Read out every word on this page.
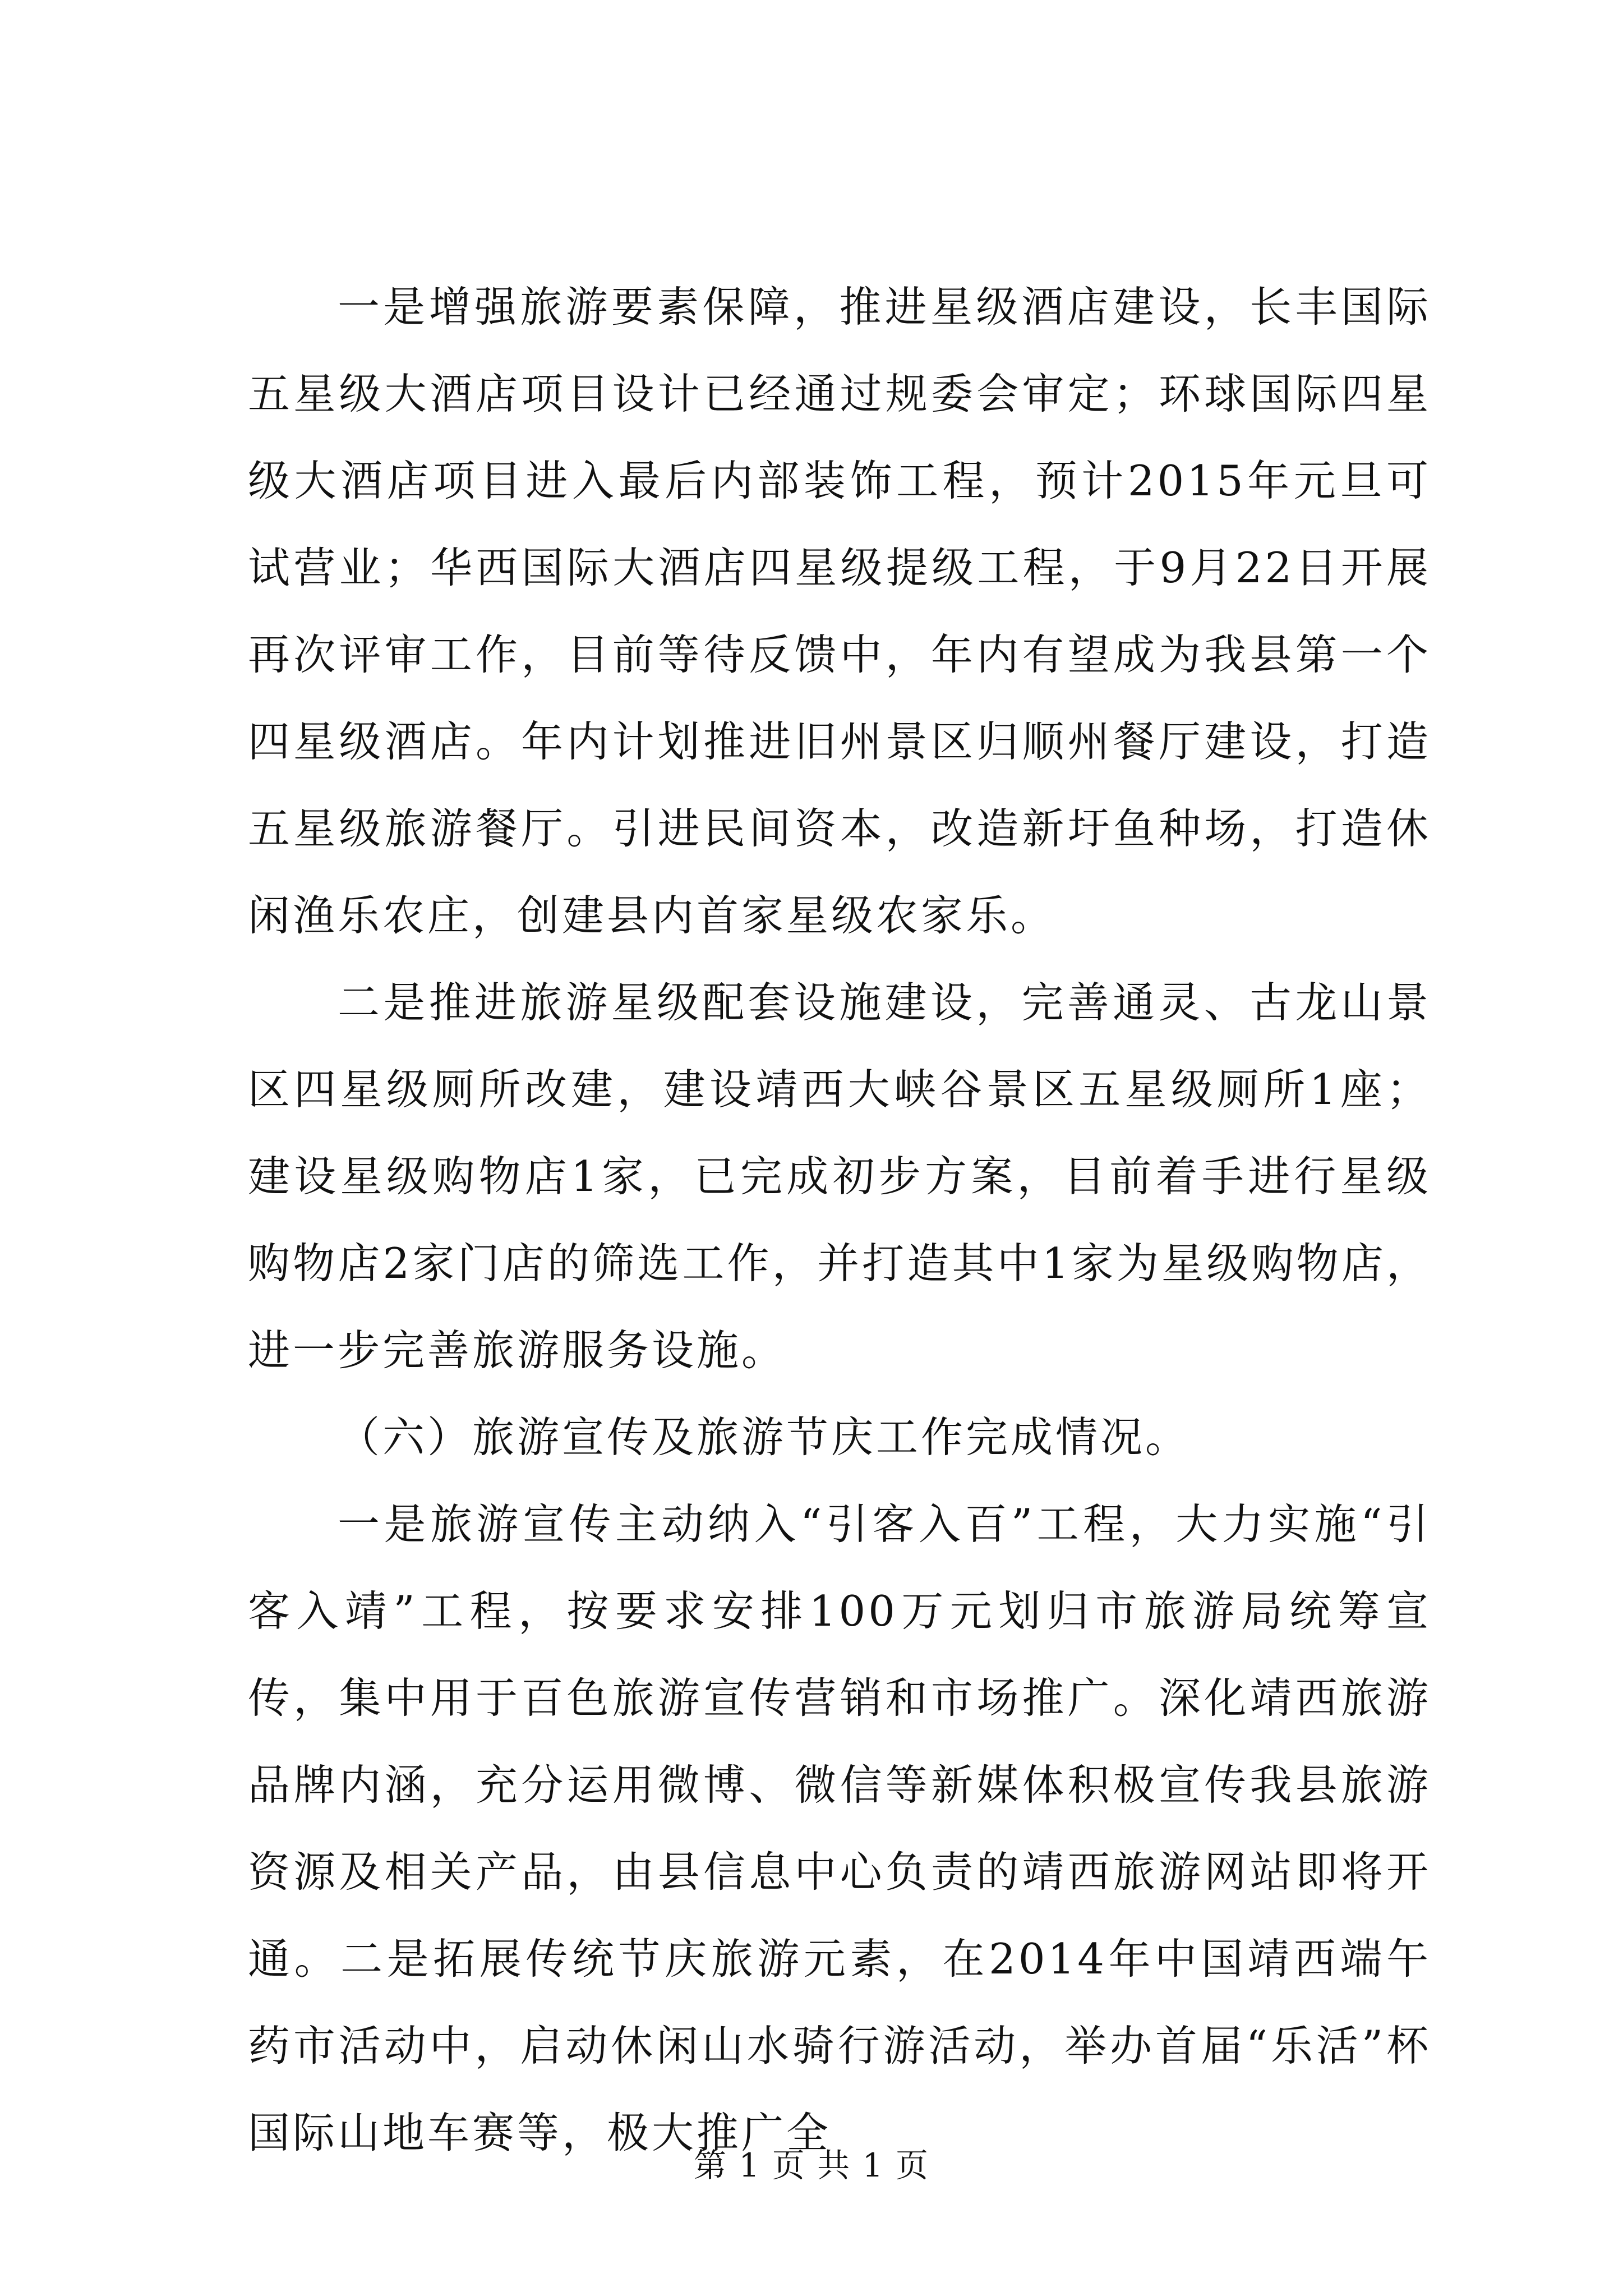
一是增强旅游要素保障，推进星级酒店建设，长丰国际五星级大酒店项目设计已经通过规委会审定；环球国际四星级大酒店项目进入最后内部装饰工程，预计2015年元旦可试营业；华西国际大酒店四星级提级工程，于9月22日开展再次评审工作，目前等待反馈中，年内有望成为我县第一个四星级酒店。年内计划推进旧州景区归顺州餐厅建设，打造五星级旅游餐厅。引进民间资本，改造新圩鱼种场，打造休闲渔乐农庄，创建县内首家星级农家乐。

二是推进旅游星级配套设施建设，完善通灵、古龙山景区四星级厕所改建，建设靖西大峡谷景区五星级厕所1座；建设星级购物店1家，已完成初步方案，目前着手进行星级购物店2家门店的筛选工作，并打造其中1家为星级购物店，进一步完善旅游服务设施。

（六）旅游宣传及旅游节庆工作完成情况。

一是旅游宣传主动纳入“引客入百”工程，大力实施“引客入靖”工程，按要求安排100万元划归市旅游局统筹宣传，集中用于百色旅游宣传营销和市场推广。深化靖西旅游品牌内涵，充分运用微博、微信等新媒体积极宣传我县旅游资源及相关产品，由县信息中心负责的靖西旅游网站即将开通。二是拓展传统节庆旅游元素，在2014年中国靖西端午药市活动中，启动休闲山水骑行游活动，举办首届“乐活”杯国际山地车赛等，极大推广全

第 1 页 共 1 页
